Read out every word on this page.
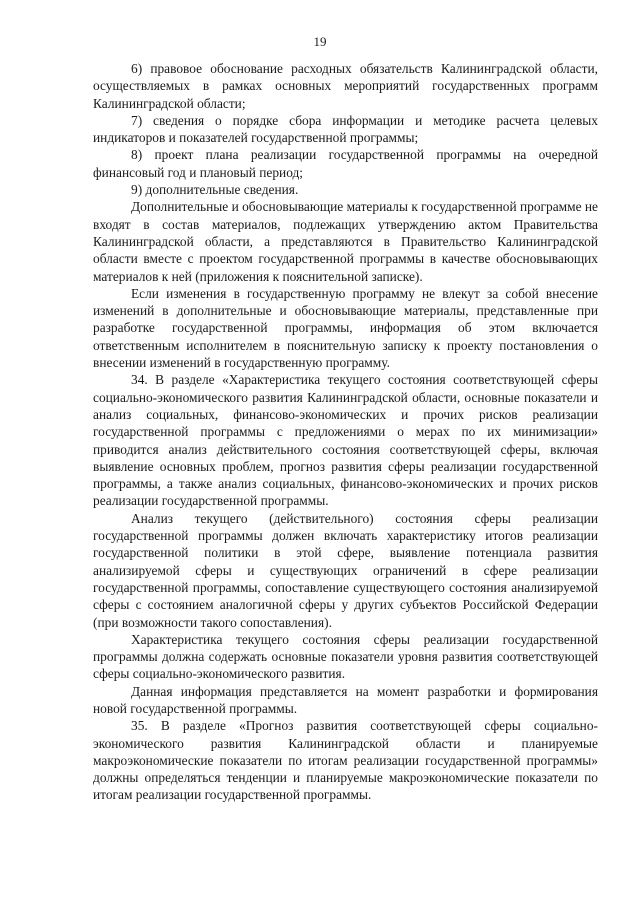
19

6) правовое обоснование расходных обязательств Калининградской области, осуществляемых в рамках основных мероприятий государственных программ Калининградской области;

7) сведения о порядке сбора информации и методике расчета целевых индикаторов и показателей государственной программы;

8) проект плана реализации государственной программы на очередной финансовый год и плановый период;

9) дополнительные сведения.

Дополнительные и обосновывающие материалы к государственной программе не входят в состав материалов, подлежащих утверждению актом Правительства Калининградской области, а представляются в Правительство Калининградской области вместе с проектом государственной программы в качестве обосновывающих материалов к ней (приложения к пояснительной записке).

Если изменения в государственную программу не влекут за собой внесение изменений в дополнительные и обосновывающие материалы, представленные при разработке государственной программы, информация об этом включается ответственным исполнителем в пояснительную записку к проекту постановления о внесении изменений в государственную программу.

34. В разделе «Характеристика текущего состояния соответствующей сферы социально-экономического развития Калининградской области, основные показатели и анализ социальных, финансово-экономических и прочих рисков реализации государственной программы с предложениями о мерах по их минимизации» приводится анализ действительного состояния соответствующей сферы, включая выявление основных проблем, прогноз развития сферы реализации государственной программы, а также анализ социальных, финансово-экономических и прочих рисков реализации государственной программы.

Анализ текущего (действительного) состояния сферы реализации государственной программы должен включать характеристику итогов реализации государственной политики в этой сфере, выявление потенциала развития анализируемой сферы и существующих ограничений в сфере реализации государственной программы, сопоставление существующего состояния анализируемой сферы с состоянием аналогичной сферы у других субъектов Российской Федерации (при возможности такого сопоставления).

Характеристика текущего состояния сферы реализации государственной программы должна содержать основные показатели уровня развития соответствующей сферы социально-экономического развития.

Данная информация представляется на момент разработки и формирования новой государственной программы.

35. В разделе «Прогноз развития соответствующей сферы социально-экономического развития Калининградской области и планируемые макроэкономические показатели по итогам реализации государственной программы» должны определяться тенденции и планируемые макроэкономические показатели по итогам реализации государственной программы.
